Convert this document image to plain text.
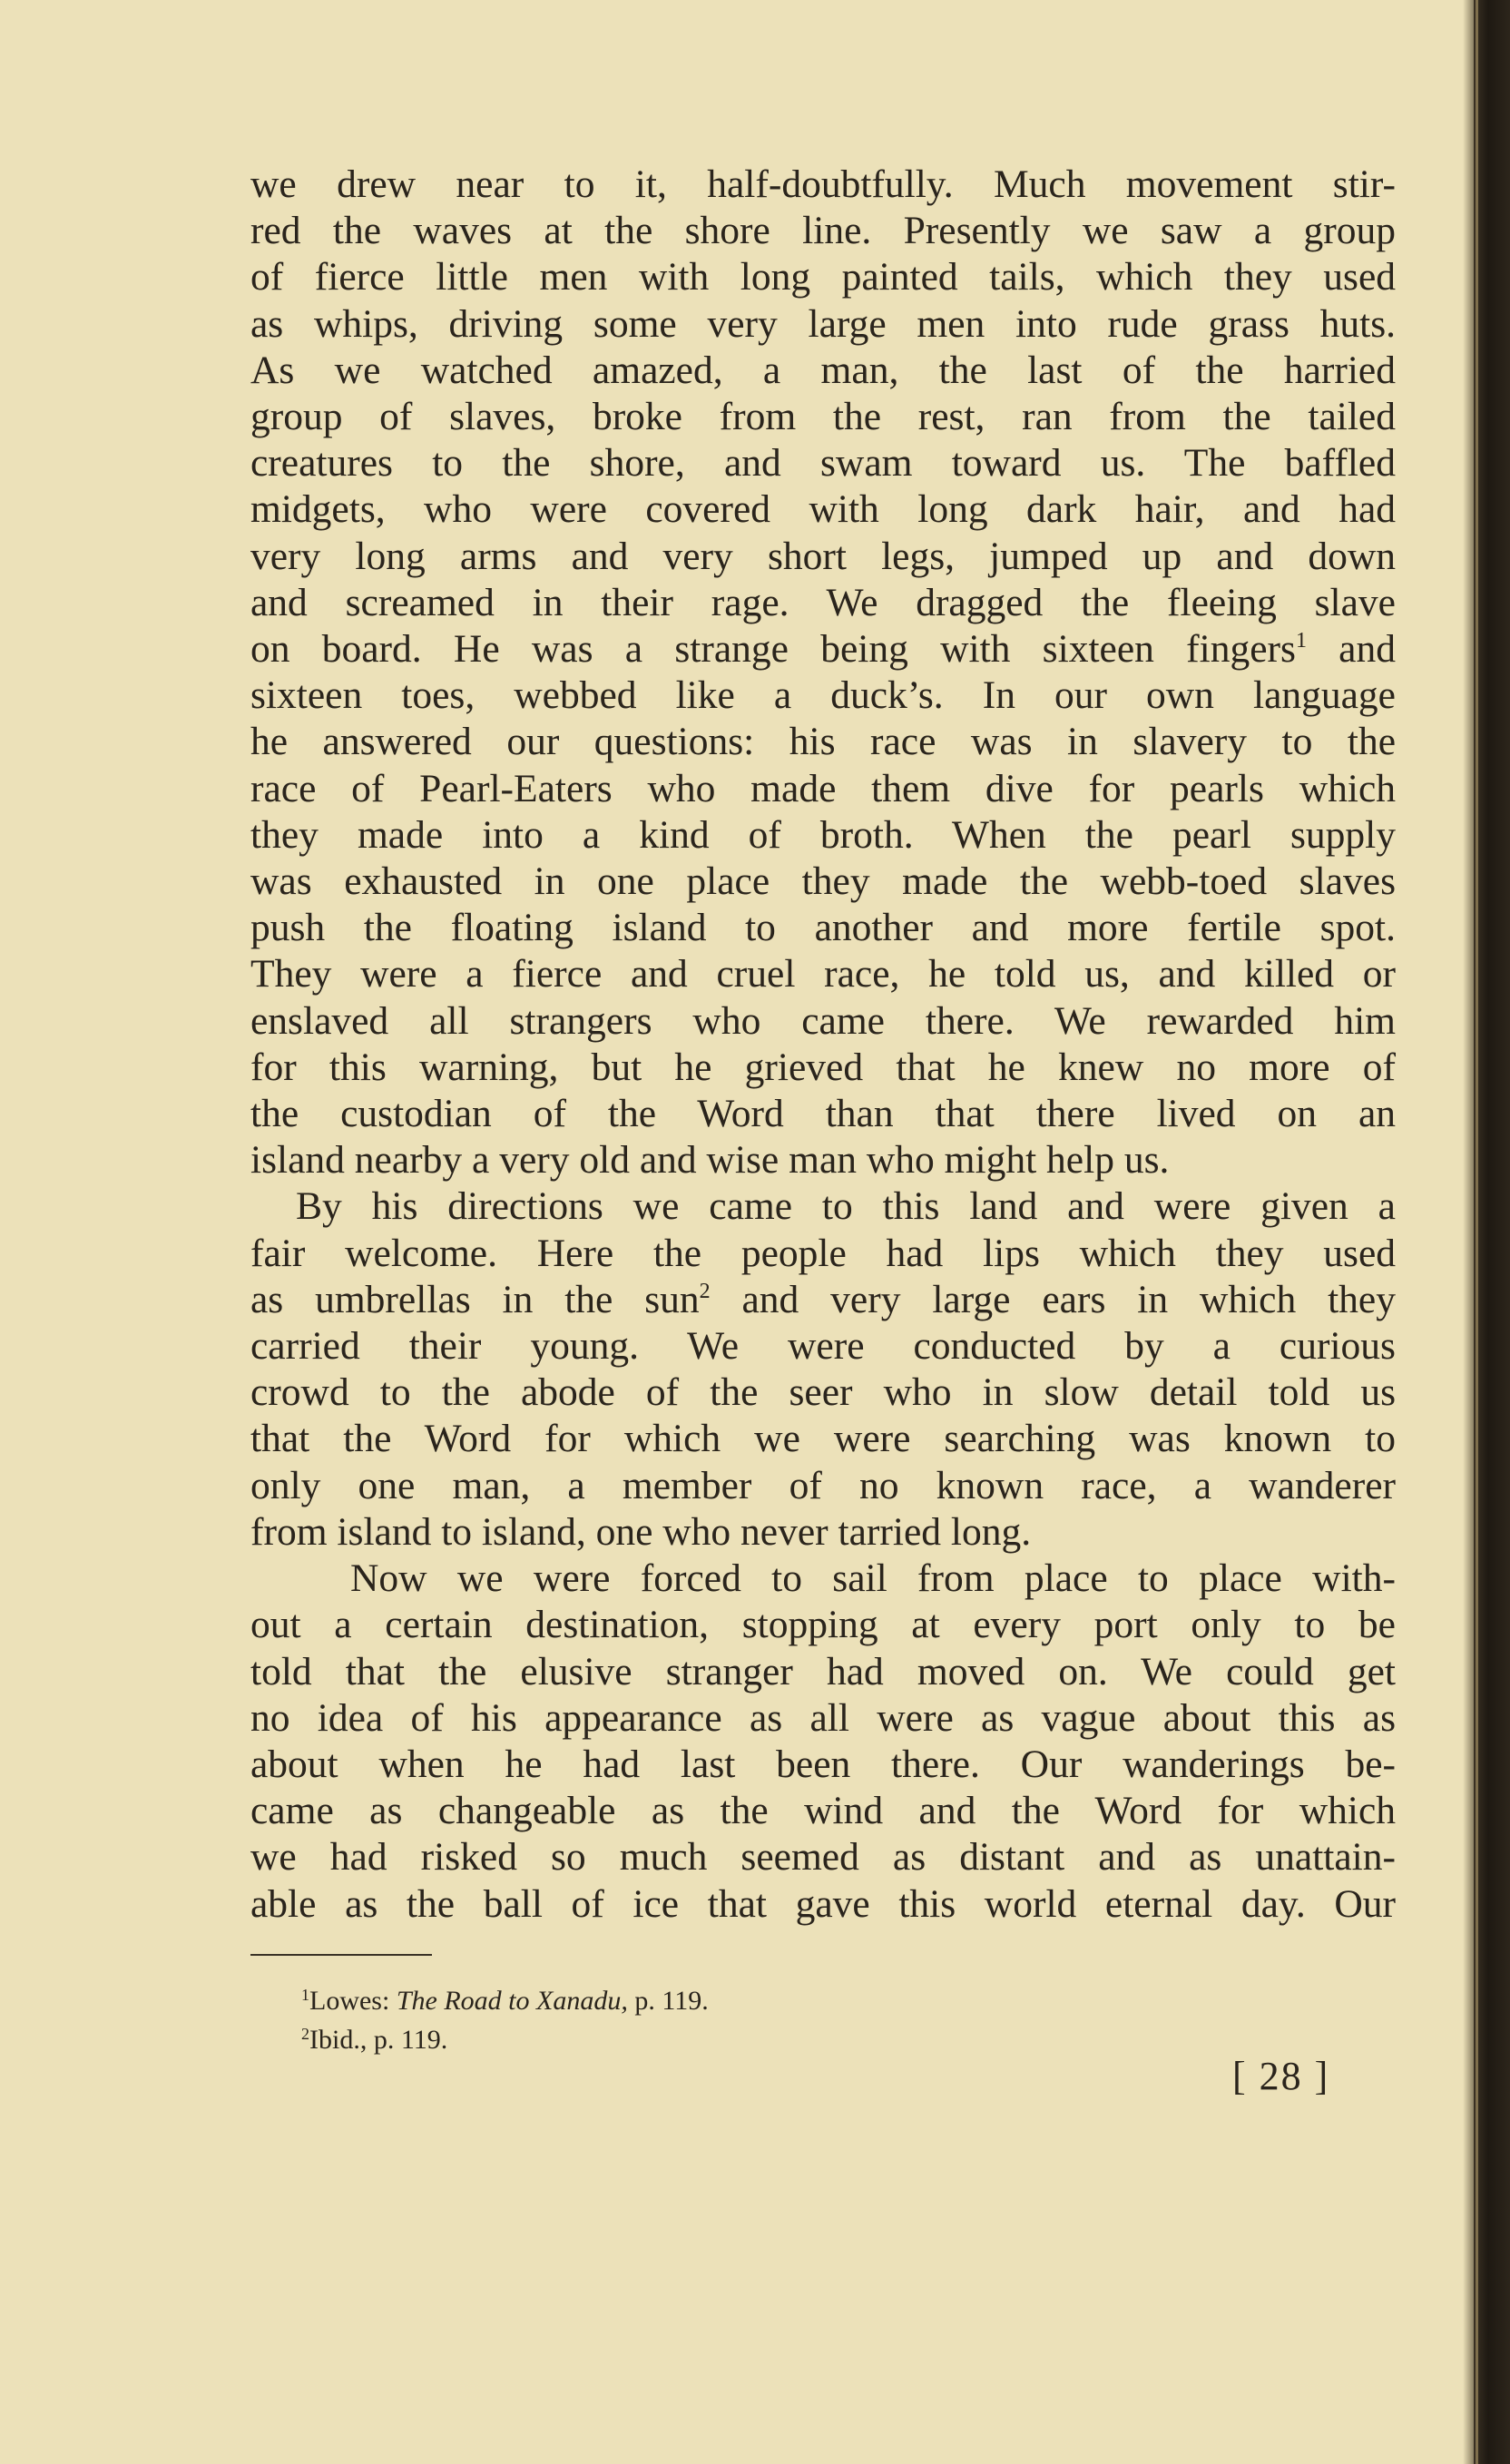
we drew near to it, half-doubtfully. Much movement stir-
red the waves at the shore line. Presently we saw a group
of fierce little men with long painted tails, which they used
as whips, driving some very large men into rude grass huts.
As we watched amazed, a man, the last of the harried
group of slaves, broke from the rest, ran from the tailed
creatures to the shore, and swam toward us. The baffled
midgets, who were covered with long dark hair, and had
very long arms and very short legs, jumped up and down
and screamed in their rage. We dragged the fleeing slave
on board. He was a strange being with sixteen fingers$^1$ and
sixteen toes, webbed like a duck’s. In our own language
he answered our questions: his race was in slavery to the
race of Pearl-Eaters who made them dive for pearls which
they made into a kind of broth. When the pearl supply
was exhausted in one place they made the webb-toed slaves
push the floating island to another and more fertile spot.
They were a fierce and cruel race, he told us, and killed or
enslaved all strangers who came there. We rewarded him
for this warning, but he grieved that he knew no more of
the custodian of the Word than that there lived on an
island nearby a very old and wise man who might help us.

By his directions we came to this land and were given a
fair welcome. Here the people had lips which they used
as umbrellas in the sun$^2$ and very large ears in which they
carried their young. We were conducted by a curious
crowd to the abode of the seer who in slow detail told us
that the Word for which we were searching was known to
only one man, a member of no known race, a wanderer
from island to island, one who never tarried long.

Now we were forced to sail from place to place with-
out a certain destination, stopping at every port only to be
told that the elusive stranger had moved on. We could get
no idea of his appearance as all were as vague about this as
about when he had last been there. Our wanderings be-
came as changeable as the wind and the Word for which
we had risked so much seemed as distant and as unattain-
able as the ball of ice that gave this world eternal day. Our

$^1$Lowes: The Road to Xanadu, p. 119.
$^2$Ibid., p. 119.
[ 28 ]
